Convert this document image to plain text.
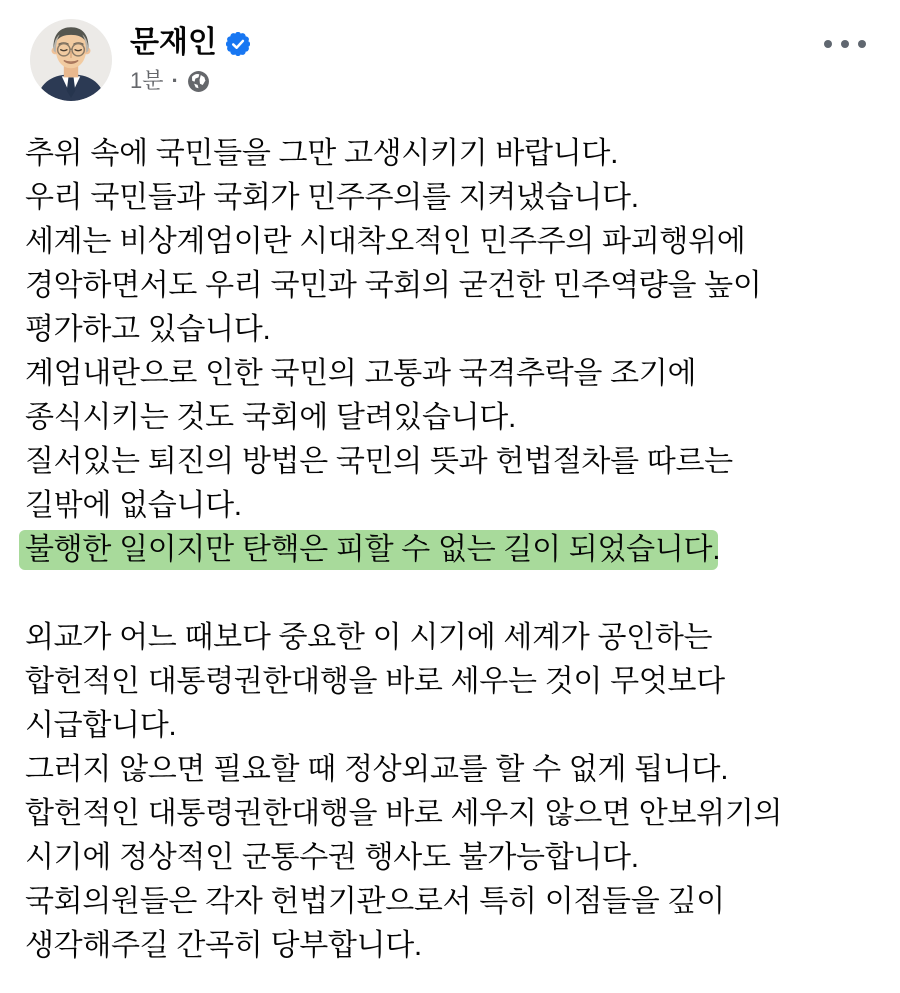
문재인
1분 ·
추위 속에 국민들을 그만 고생시키기 바랍니다.
우리 국민들과 국회가 민주주의를 지켜냈습니다.
세계는 비상계엄이란 시대착오적인 민주주의 파괴행위에
경악하면서도 우리 국민과 국회의 굳건한 민주역량을 높이
평가하고 있습니다.
계엄내란으로 인한 국민의 고통과 국격추락을 조기에
종식시키는 것도 국회에 달려있습니다.
질서있는 퇴진의 방법은 국민의 뜻과 헌법절차를 따르는
길밖에 없습니다.
불행한 일이지만 탄핵은 피할 수 없는 길이 되었습니다.

외교가 어느 때보다 중요한 이 시기에 세계가 공인하는
합헌적인 대통령권한대행을 바로 세우는 것이 무엇보다
시급합니다.
그러지 않으면 필요할 때 정상외교를 할 수 없게 됩니다.
합헌적인 대통령권한대행을 바로 세우지 않으면 안보위기의
시기에 정상적인 군통수권 행사도 불가능합니다.
국회의원들은 각자 헌법기관으로서 특히 이점들을 깊이
생각해주길 간곡히 당부합니다.
